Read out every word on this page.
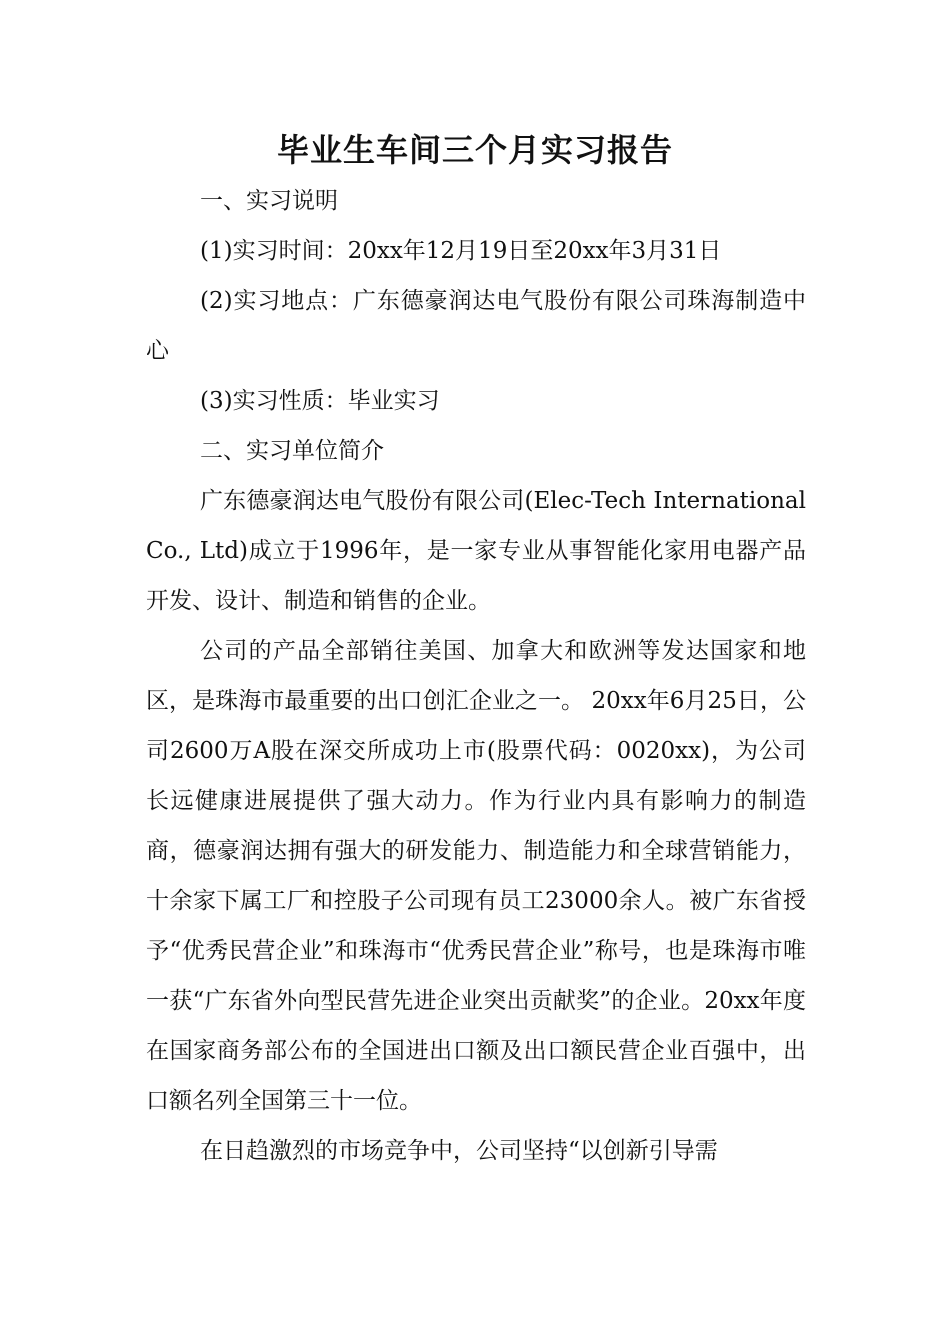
毕业生车间三个月实习报告

一、实习说明

(1)实习时间：20xx年12月19日至20xx年3月31日

(2)实习地点：广东德豪润达电气股份有限公司珠海制造中心

(3)实习性质：毕业实习

二、实习单位简介

广东德豪润达电气股份有限公司(Elec-Tech International Co., Ltd)成立于1996年，是一家专业从事智能化家用电器产品开发、设计、制造和销售的企业。

公司的产品全部销往美国、加拿大和欧洲等发达国家和地区，是珠海市最重要的出口创汇企业之一。 20xx年6月25日，公司2600万A股在深交所成功上市(股票代码：0020xx)，为公司长远健康进展提供了强大动力。作为行业内具有影响力的制造商，德豪润达拥有强大的研发能力、制造能力和全球营销能力，十余家下属工厂和控股子公司现有员工23000余人。被广东省授予“优秀民营企业”和珠海市“优秀民营企业”称号，也是珠海市唯一获“广东省外向型民营先进企业突出贡献奖”的企业。20xx年度在国家商务部公布的全国进出口额及出口额民营企业百强中，出口额名列全国第三十一位。

在日趋激烈的市场竞争中，公司坚持“以创新引导需
